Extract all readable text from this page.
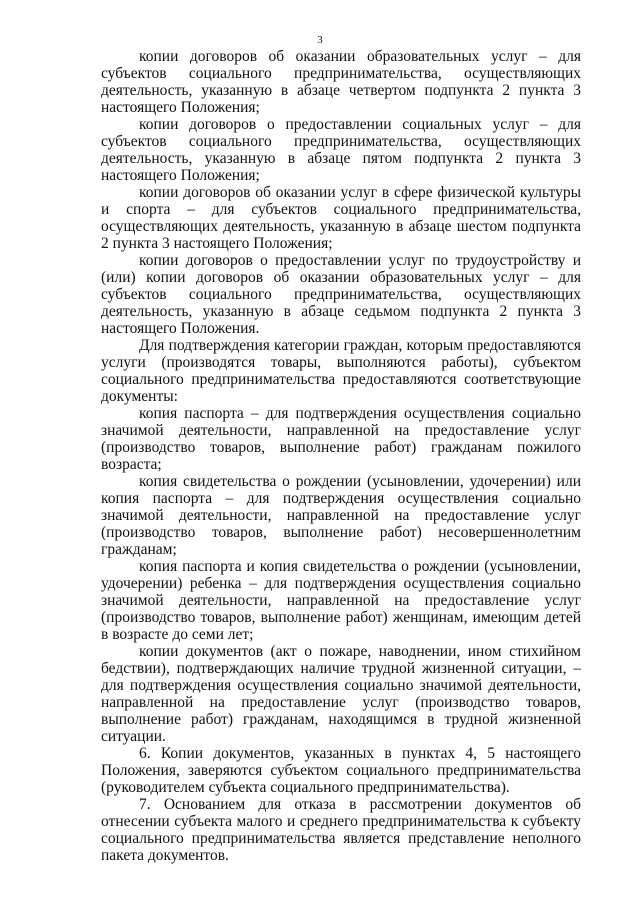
3

копии договоров об оказании образовательных услуг – для субъектов социального предпринимательства, осуществляющих деятельность, указанную в абзаце четвертом подпункта 2 пункта 3 настоящего Положения;

копии договоров о предоставлении социальных услуг – для субъектов социального предпринимательства, осуществляющих деятельность, указанную в абзаце пятом подпункта 2 пункта 3 настоящего Положения;

копии договоров об оказании услуг в сфере физической культуры и спорта – для субъектов социального предпринимательства, осуществляющих деятельность, указанную в абзаце шестом подпункта 2 пункта 3 настоящего Положения;

копии договоров о предоставлении услуг по трудоустройству и (или) копии договоров об оказании образовательных услуг – для субъектов социального предпринимательства, осуществляющих деятельность, указанную в абзаце седьмом подпункта 2 пункта 3 настоящего Положения.

Для подтверждения категории граждан, которым предоставляются услуги (производятся товары, выполняются работы), субъектом социального предпринимательства предоставляются соответствующие документы:

копия паспорта – для подтверждения осуществления социально значимой деятельности, направленной на предоставление услуг (производство товаров, выполнение работ) гражданам пожилого возраста;

копия свидетельства о рождении (усыновлении, удочерении) или копия паспорта – для подтверждения осуществления социально значимой деятельности, направленной на предоставление услуг (производство товаров, выполнение работ) несовершеннолетним гражданам;

копия паспорта и копия свидетельства о рождении (усыновлении, удочерении) ребенка – для подтверждения осуществления социально значимой деятельности, направленной на предоставление услуг (производство товаров, выполнение работ) женщинам, имеющим детей в возрасте до семи лет;

копии документов (акт о пожаре, наводнении, ином стихийном бедствии), подтверждающих наличие трудной жизненной ситуации, – для подтверждения осуществления социально значимой деятельности, направленной на предоставление услуг (производство товаров, выполнение работ) гражданам, находящимся в трудной жизненной ситуации.

6. Копии документов, указанных в пунктах 4, 5 настоящего Положения, заверяются субъектом социального предпринимательства (руководителем субъекта социального предпринимательства).

7. Основанием для отказа в рассмотрении документов об отнесении субъекта малого и среднего предпринимательства к субъекту социального предпринимательства является представление неполного пакета документов.
